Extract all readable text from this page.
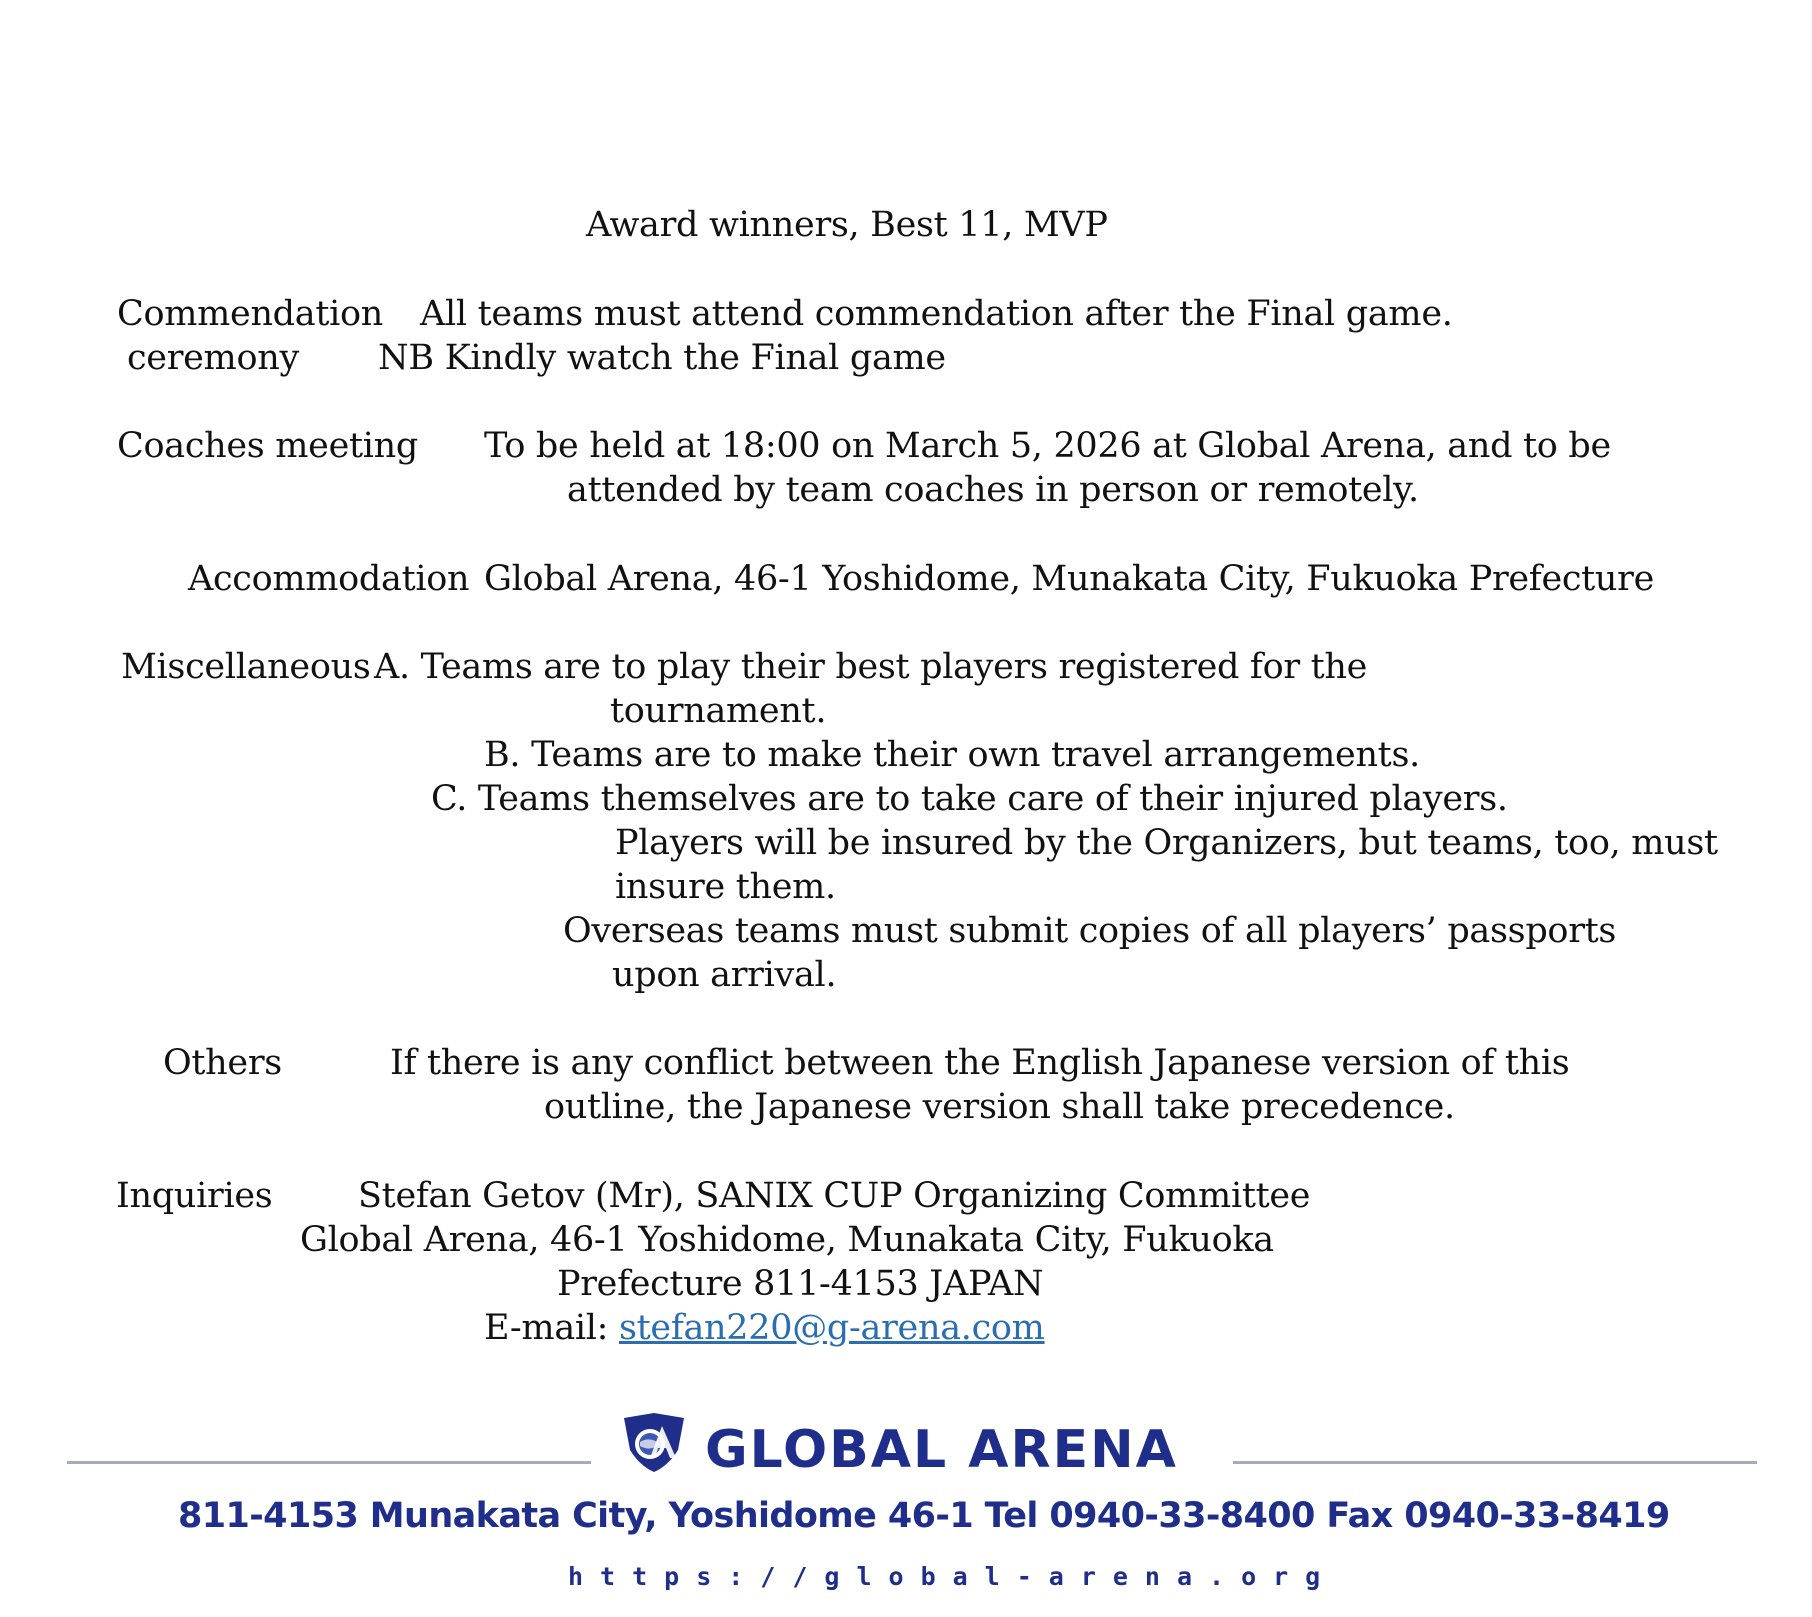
Award winners, Best 11, MVP
Commendation All teams must attend commendation after the Final game.
ceremony NB Kindly watch the Final game
Coaches meeting To be held at 18:00 on March 5, 2026 at Global Arena, and to be
attended by team coaches in person or remotely.
Accommodation Global Arena, 46-1 Yoshidome, Munakata City, Fukuoka Prefecture
Miscellaneous A. Teams are to play their best players registered for the
tournament.
B. Teams are to make their own travel arrangements.
C. Teams themselves are to take care of their injured players.
Players will be insured by the Organizers, but teams, too, must
insure them.
Overseas teams must submit copies of all players’ passports
upon arrival.
Others	If there is any conflict between the English Japanese version of this
outline, the Japanese version shall take precedence.
Inquiries Stefan Getov (Mr), SANIX CUP Organizing Committee
Global Arena, 46-1 Yoshidome, Munakata City, Fukuoka
Prefecture 811-4153 JAPAN
E-mail: stefan220@g-arena.com
GLOBAL ARENA
811-4153 Munakata City, Yoshidome 46-1 Tel 0940-33-8400 Fax 0940-33-8419
https://global-arena.org
